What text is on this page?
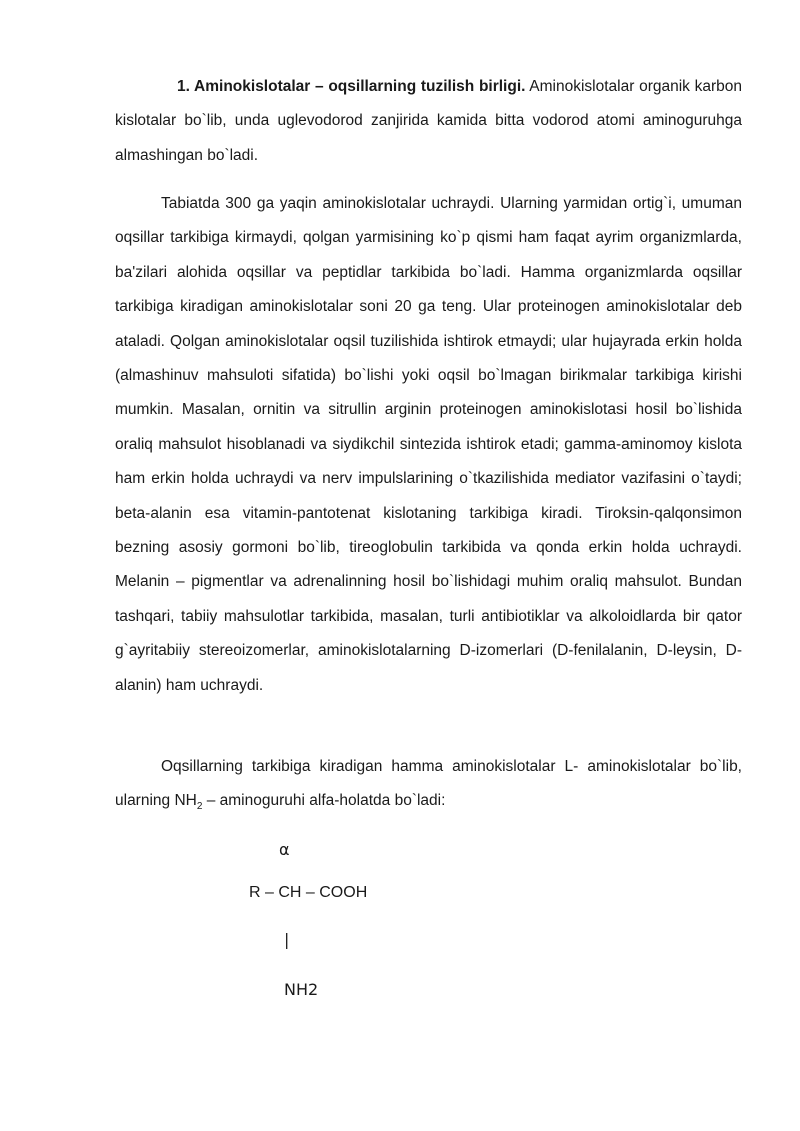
1. Aminokislotalar – oqsillarning tuzilish birligi. Aminokislotalar organik karbon kislotalar bo`lib, unda uglevodorod zanjirida kamida bitta vodorod atomi aminoguruhga almashingan bo`ladi.

Tabiatda 300 ga yaqin aminokislotalar uchraydi. Ularning yarmidan ortig`i, umuman oqsillar tarkibiga kirmaydi, qolgan yarmisining ko`p qismi ham faqat ayrim organizmlarda, ba'zilari alohida oqsillar va peptidlar tarkibida bo`ladi. Hamma organizmlarda oqsillar tarkibiga kiradigan aminokislotalar soni 20 ga teng. Ular proteinogen aminokislotalar deb ataladi. Qolgan aminokislotalar oqsil tuzilishida ishtirok etmaydi; ular hujayrada erkin holda (almashinuv mahsuloti sifatida) bo`lishi yoki oqsil bo`lmagan birikmalar tarkibiga kirishi mumkin. Masalan, ornitin va sitrullin arginin proteinogen aminokislotasi hosil bo`lishida oraliq mahsulot hisoblanadi va siydikchil sintezida ishtirok etadi; gamma-aminomoy kislota ham erkin holda uchraydi va nerv impulslarining o`tkazilishida mediator vazifasini o`taydi; beta-alanin esa vitamin-pantotenat kislotaning tarkibiga kiradi. Tiroksin-qalqonsimon bezning asosiy gormoni bo`lib, tireoglobulin tarkibida va qonda erkin holda uchraydi. Melanin – pigmentlar va adrenalinning hosil bo`lishidagi muhim oraliq mahsulot. Bundan tashqari, tabiiy mahsulotlar tarkibida, masalan, turli antibiotiklar va alkoloidlarda bir qator g`ayritabiiy stereoizomerlar, aminokislotalarning D-izomerlari (D-fenilalanin, D-leysin, D-alanin) ham uchraydi.

Oqsillarning tarkibiga kiradigan hamma aminokislotalar L- aminokislotalar bo`lib, ularning $NH_2$ – aminoguruhi alfa-holatda bo`ladi:

α
R – CH – COOH
|
NH2
